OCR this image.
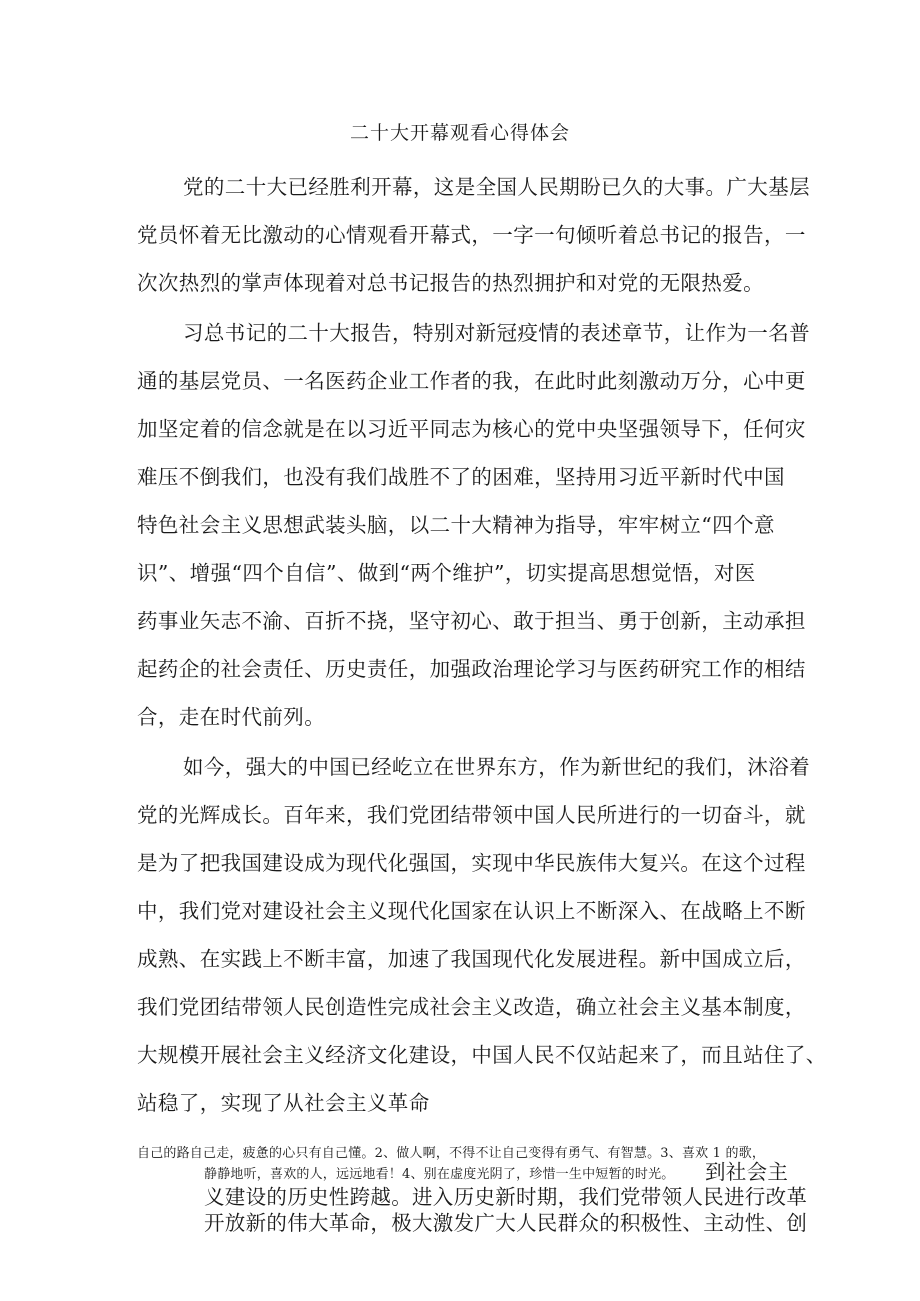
二十大开幕观看心得体会
党的二十大已经胜利开幕，这是全国人民期盼已久的大事。广大基层
党员怀着无比激动的心情观看开幕式，一字一句倾听着总书记的报告，一
次次热烈的掌声体现着对总书记报告的热烈拥护和对党的无限热爱。
习总书记的二十大报告，特别对新冠疫情的表述章节，让作为一名普
通的基层党员、一名医药企业工作者的我，在此时此刻激动万分，心中更
加坚定着的信念就是在以习近平同志为核心的党中央坚强领导下，任何灾
难压不倒我们，也没有我们战胜不了的困难，坚持用习近平新时代中国
特色社会主义思想武装头脑，以二十大精神为指导，牢牢树立“四个意
识”、增强“四个自信”、做到“两个维护”，切实提高思想觉悟，对医
药事业矢志不渝、百折不挠，坚守初心、敢于担当、勇于创新，主动承担
起药企的社会责任、历史责任，加强政治理论学习与医药研究工作的相结
合，走在时代前列。
如今，强大的中国已经屹立在世界东方，作为新世纪的我们，沐浴着
党的光辉成长。百年来，我们党团结带领中国人民所进行的一切奋斗，就
是为了把我国建设成为现代化强国，实现中华民族伟大复兴。在这个过程
中，我们党对建设社会主义现代化国家在认识上不断深入、在战略上不断
成熟、在实践上不断丰富，加速了我国现代化发展进程。新中国成立后，
我们党团结带领人民创造性完成社会主义改造，确立社会主义基本制度，
大规模开展社会主义经济文化建设，中国人民不仅站起来了，而且站住了、
站稳了，实现了从社会主义革命
自己的路自己走，疲惫的心只有自己懂。2、做人啊，不得不让自己变得有勇气、有智慧。3、喜欢 1 的歌，
静静地听，喜欢的人，远远地看！4、别在虚度光阴了，珍惜一生中短暂的时光。 到社会主
义建设的历史性跨越。进入历史新时期，我们党带领人民进行改革
开放新的伟大革命，极大激发广大人民群众的积极性、主动性、创
